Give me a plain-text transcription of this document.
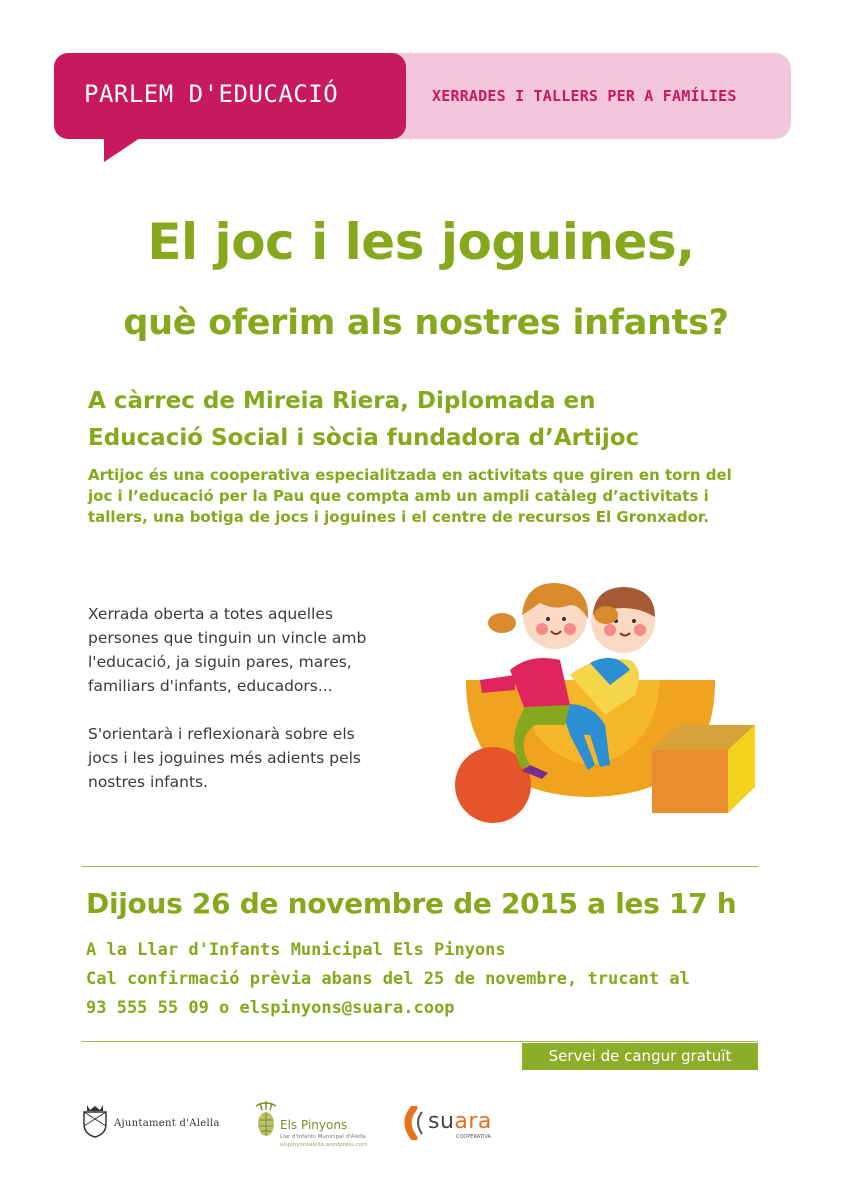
PARLEM D'EDUCACIÓ	XERRADES I TALLERS PER A FAMÍLIES
El joc i les joguines,
què oferim als nostres infants?
A càrrec de Mireia Riera, Diplomada en
Educació Social i sòcia fundadora d’Artijoc
Artijoc és una cooperativa especialitzada en activitats que giren en torn del
joc i l’educació per la Pau que compta amb un ampli catàleg d’activitats i
tallers, una botiga de jocs i joguines i el centre de recursos El Gronxador.
Xerrada oberta a totes aquelles
persones que tinguin un vincle amb
l'educació, ja siguin pares, mares,
familiars d'infants, educadors...
S'orientarà i reflexionarà sobre els
jocs i les joguines més adients pels
nostres infants.
Dijous 26 de novembre de 2015 a les 17 h
A la Llar d'Infants Municipal Els Pinyons
Cal confirmació prèvia abans del 25 de novembre, trucant al
93 555 55 09 o elspinyons@suara.coop
Servei de cangur gratuït
Ajuntament d'Alella	Els Pinyons
Llar d'Infants Municipal d'Alella
elspinyonsalella.wordpress.com
suara
COOPERATIVA
